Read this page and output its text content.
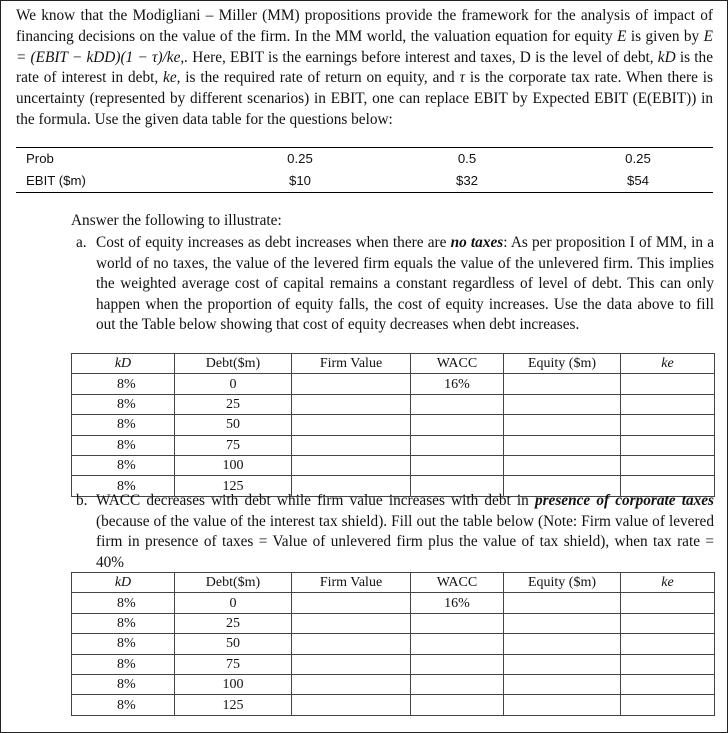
We know that the Modigliani – Miller (MM) propositions provide the framework for the analysis of impact of financing decisions on the value of the firm. In the MM world, the valuation equation for equity E is given by E = (EBIT − kDD)(1 − τ)/ke,. Here, EBIT is the earnings before interest and taxes, D is the level of debt, kD is the rate of interest in debt, ke, is the required rate of return on equity, and τ is the corporate tax rate. When there is uncertainty (represented by different scenarios) in EBIT, one can replace EBIT by Expected EBIT (E(EBIT)) in the formula. Use the given data table for the questions below:
Prob	0.25	0.5	0.25
EBIT ($m)	$10	$32	$54
Answer the following to illustrate:
a. Cost of equity increases as debt increases when there are no taxes: As per proposition I of MM, in a world of no taxes, the value of the levered firm equals the value of the unlevered firm. This implies the weighted average cost of capital remains a constant regardless of level of debt. This can only happen when the proportion of equity falls, the cost of equity increases. Use the data above to fill out the Table below showing that cost of equity decreases when debt increases.
kD	Debt($m)	Firm Value	WACC	Equity ($m)	ke
8%	0		16%		
8%	25				
8%	50				
8%	75				
8%	100				
8%	125				
b. WACC decreases with debt while firm value increases with debt in presence of corporate taxes (because of the value of the interest tax shield). Fill out the table below (Note: Firm value of levered firm in presence of taxes = Value of unlevered firm plus the value of tax shield), when tax rate = 40%
kD	Debt($m)	Firm Value	WACC	Equity ($m)	ke
8%	0		16%		
8%	25				
8%	50				
8%	75				
8%	100				
8%	125				
